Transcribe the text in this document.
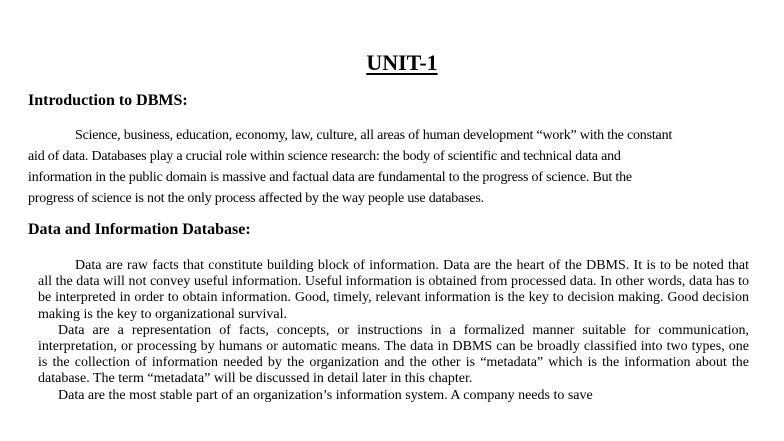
UNIT-1
Introduction to DBMS:
Science, business, education, economy, law, culture, all areas of human development “work” with the constant
aid of data. Databases play a crucial role within science research: the body of scientific and technical data and
information in the public domain is massive and factual data are fundamental to the progress of science. But the
progress of science is not the only process affected by the way people use databases.
Data and Information Database:

Data are raw facts that constitute building block of information. Data are the heart of the DBMS. It is to be noted that all the data will not convey useful information. Useful information is obtained from processed data. In other words, data has to be interpreted in order to obtain information. Good, timely, relevant information is the key to decision making. Good decision making is the key to organizational survival.

Data are a representation of facts, concepts, or instructions in a formalized manner suitable for communication, interpretation, or processing by humans or automatic means. The data in DBMS can be broadly classified into two types, one is the collection of information needed by the organization and the other is “metadata” which is the information about the database. The term “metadata” will be discussed in detail later in this chapter.

Data are the most stable part of an organization’s information system. A company needs to save
